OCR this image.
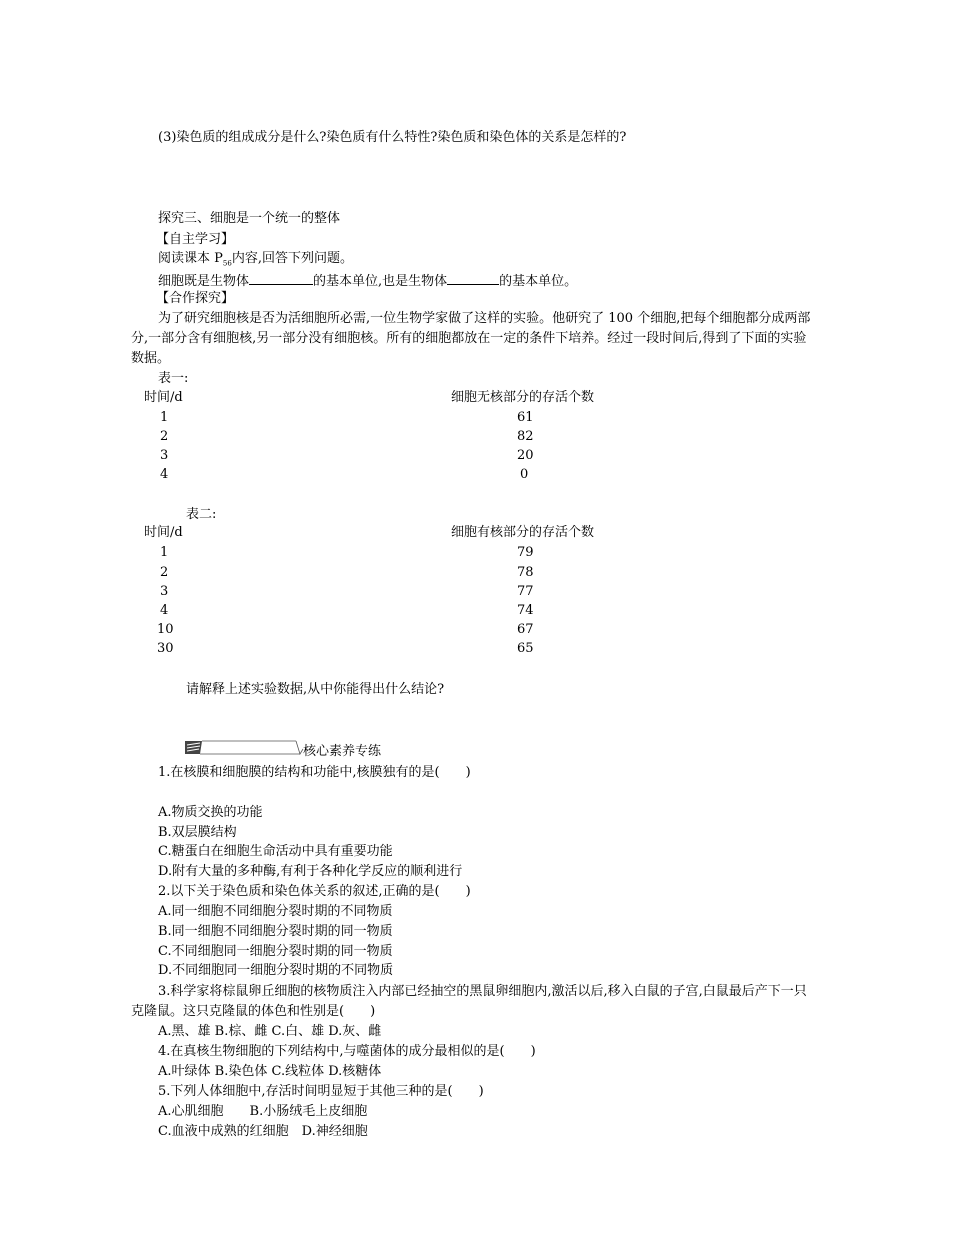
(3)染色质的组成成分是什么?染色质有什么特性?染色质和染色体的关系是怎样的?
探究三、细胞是一个统一的整体
【自主学习】
阅读课本 $P_{56}$内容,回答下列问题。
细胞既是生物体	的基本单位,也是生物体	的基本单位。
【合作探究】
为了研究细胞核是否为活细胞所必需,一位生物学家做了这样的实验。他研究了 100 个细胞,把每个细胞都分成两部
分,一部分含有细胞核,另一部分没有细胞核。所有的细胞都放在一定的条件下培养。经过一段时间后,得到了下面的实验
数据。
表一:
时间/d	细胞无核部分的存活个数
1	61
2	82
3	20
4	0
表二:
时间/d	细胞有核部分的存活个数
1	79
2	78
3	77
4	74
10	67
30	65
请解释上述实验数据,从中你能得出什么结论?
核心素养专练
1.在核膜和细胞膜的结构和功能中,核膜独有的是(　　)
A.物质交换的功能
B.双层膜结构
C.糖蛋白在细胞生命活动中具有重要功能
D.附有大量的多种酶,有利于各种化学反应的顺利进行
2.以下关于染色质和染色体关系的叙述,正确的是(　　)
A.同一细胞不同细胞分裂时期的不同物质
B.同一细胞不同细胞分裂时期的同一物质
C.不同细胞同一细胞分裂时期的同一物质
D.不同细胞同一细胞分裂时期的不同物质
3.科学家将棕鼠卵丘细胞的核物质注入内部已经抽空的黑鼠卵细胞内,激活以后,移入白鼠的子宫,白鼠最后产下一只
克隆鼠。这只克隆鼠的体色和性别是(　　)
A.黑、雄 B.棕、雌 C.白、雄 D.灰、雌
4.在真核生物细胞的下列结构中,与噬菌体的成分最相似的是(　　)
A.叶绿体 B.染色体 C.线粒体 D.核糖体
5.下列人体细胞中,存活时间明显短于其他三种的是(　　)
A.心肌细胞　　B.小肠绒毛上皮细胞
C.血液中成熟的红细胞　D.神经细胞
